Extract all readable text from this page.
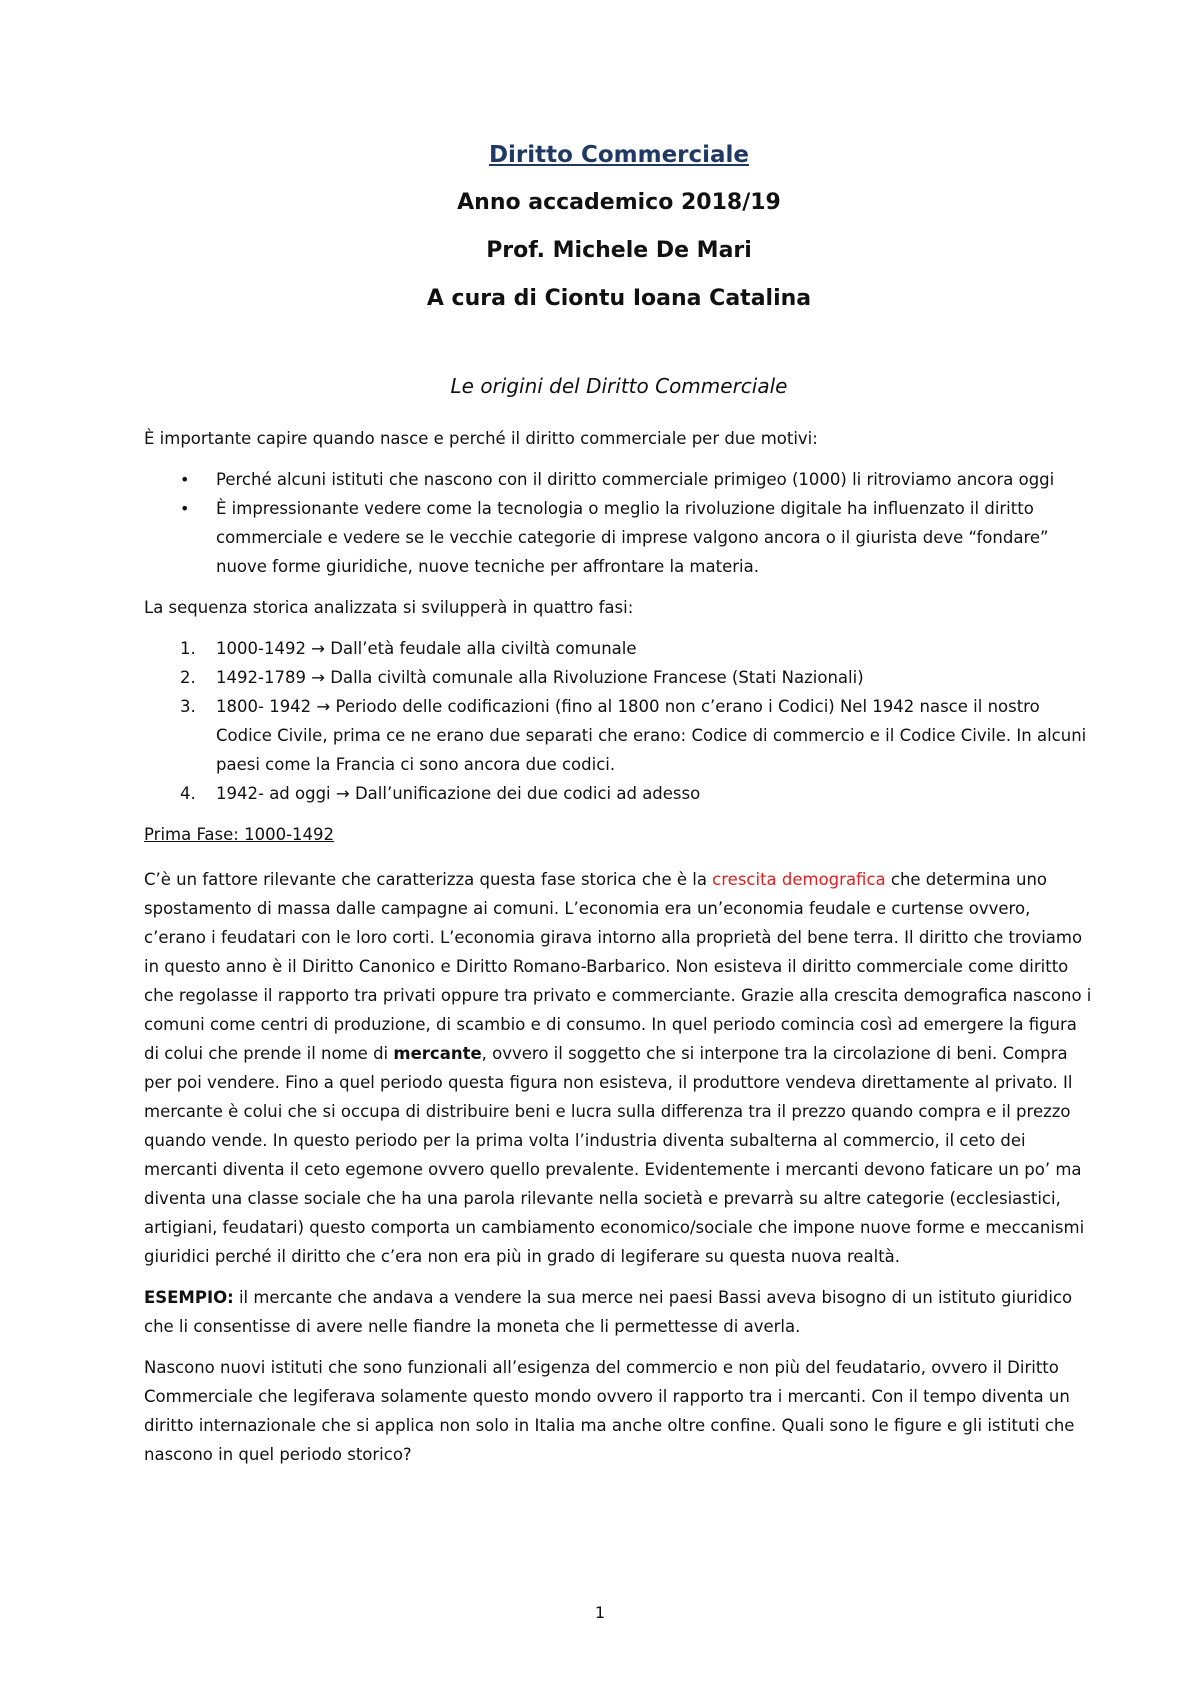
Diritto Commerciale
Anno accademico 2018/19
Prof. Michele De Mari
A cura di Ciontu Ioana Catalina
Le origini del Diritto Commerciale

È importante capire quando nasce e perché il diritto commerciale per due motivi:

• Perché alcuni istituti che nascono con il diritto commerciale primigeo (1000) li ritroviamo ancora oggi
• È impressionante vedere come la tecnologia o meglio la rivoluzione digitale ha influenzato il diritto commerciale e vedere se le vecchie categorie di imprese valgono ancora o il giurista deve “fondare” nuove forme giuridiche, nuove tecniche per affrontare la materia.

La sequenza storica analizzata si svilupperà in quattro fasi:

1. 1000-1492 → Dall’età feudale alla civiltà comunale
2. 1492-1789 → Dalla civiltà comunale alla Rivoluzione Francese (Stati Nazionali)
3. 1800- 1942 → Periodo delle codificazioni (fino al 1800 non c’erano i Codici) Nel 1942 nasce il nostro Codice Civile, prima ce ne erano due separati che erano: Codice di commercio e il Codice Civile. In alcuni paesi come la Francia ci sono ancora due codici.
4. 1942- ad oggi → Dall’unificazione dei due codici ad adesso
Prima Fase: 1000-1492

C’è un fattore rilevante che caratterizza questa fase storica che è la crescita demografica che determina uno spostamento di massa dalle campagne ai comuni. L’economia era un’economia feudale e curtense ovvero, c’erano i feudatari con le loro corti. L’economia girava intorno alla proprietà del bene terra. Il diritto che troviamo in questo anno è il Diritto Canonico e Diritto Romano-Barbarico. Non esisteva il diritto commerciale come diritto che regolasse il rapporto tra privati oppure tra privato e commerciante. Grazie alla crescita demografica nascono i comuni come centri di produzione, di scambio e di consumo. In quel periodo comincia così ad emergere la figura di colui che prende il nome di mercante, ovvero il soggetto che si interpone tra la circolazione di beni. Compra per poi vendere. Fino a quel periodo questa figura non esisteva, il produttore vendeva direttamente al privato. Il mercante è colui che si occupa di distribuire beni e lucra sulla differenza tra il prezzo quando compra e il prezzo quando vende. In questo periodo per la prima volta l’industria diventa subalterna al commercio, il ceto dei mercanti diventa il ceto egemone ovvero quello prevalente. Evidentemente i mercanti devono faticare un po’ ma diventa una classe sociale che ha una parola rilevante nella società e prevarrà su altre categorie (ecclesiastici, artigiani, feudatari) questo comporta un cambiamento economico/sociale che impone nuove forme e meccanismi giuridici perché il diritto che c’era non era più in grado di legiferare su questa nuova realtà.

ESEMPIO: il mercante che andava a vendere la sua merce nei paesi Bassi aveva bisogno di un istituto giuridico che li consentisse di avere nelle fiandre la moneta che li permettesse di averla.

Nascono nuovi istituti che sono funzionali all’esigenza del commercio e non più del feudatario, ovvero il Diritto Commerciale che legiferava solamente questo mondo ovvero il rapporto tra i mercanti. Con il tempo diventa un diritto internazionale che si applica non solo in Italia ma anche oltre confine. Quali sono le figure e gli istituti che nascono in quel periodo storico?

1
